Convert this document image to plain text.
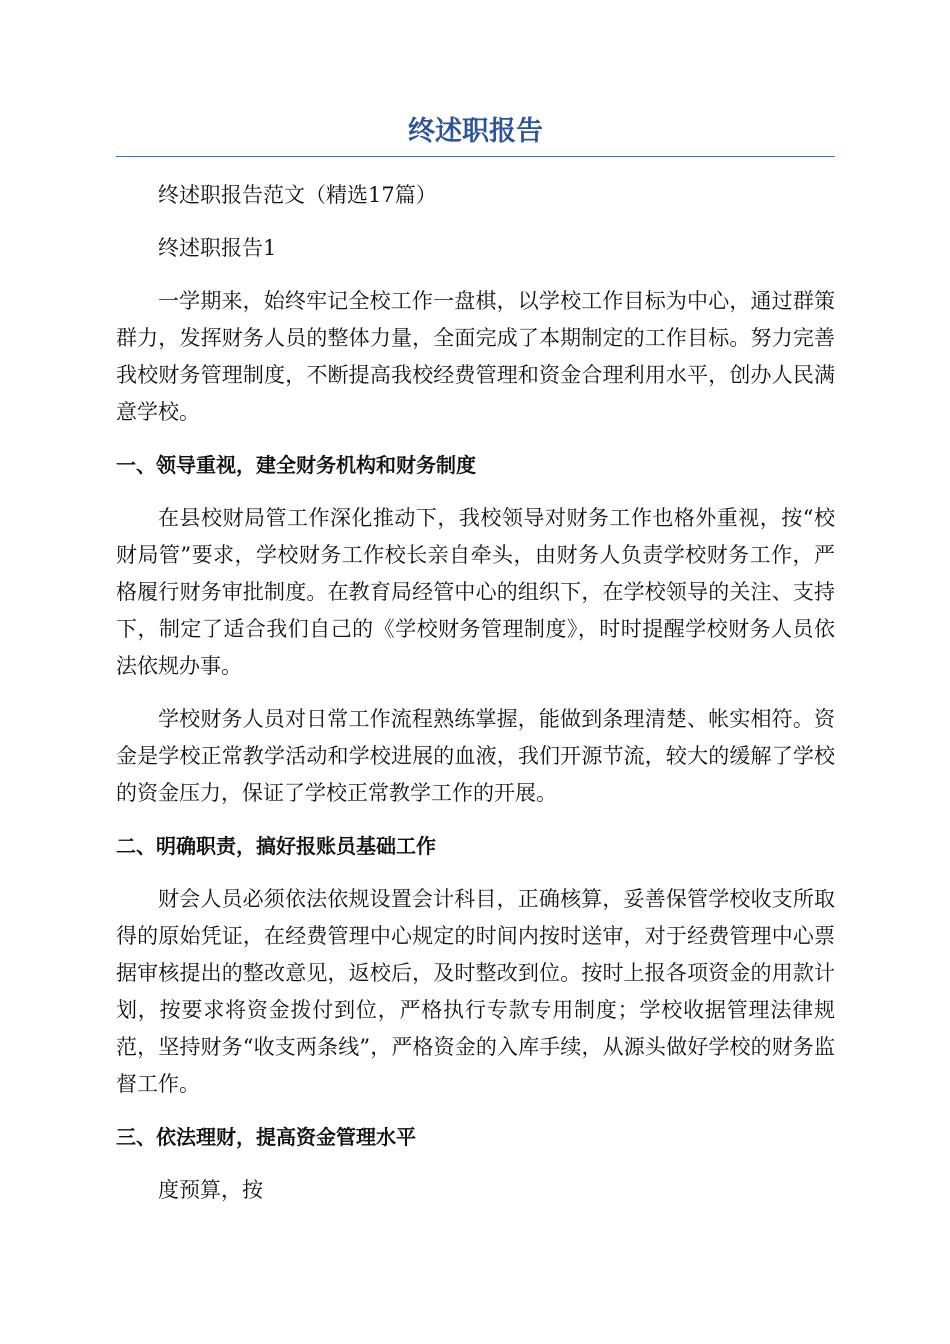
终述职报告

终述职报告范文（精选17篇）

终述职报告1

一学期来，始终牢记全校工作一盘棋，以学校工作目标为中心，通过群策群力，发挥财务人员的整体力量，全面完成了本期制定的工作目标。努力完善我校财务管理制度，不断提高我校经费管理和资金合理利用水平，创办人民满意学校。

一、领导重视，建全财务机构和财务制度

在县校财局管工作深化推动下，我校领导对财务工作也格外重视，按“校财局管”要求，学校财务工作校长亲自牵头，由财务人负责学校财务工作，严格履行财务审批制度。在教育局经管中心的组织下，在学校领导的关注、支持下，制定了适合我们自己的《学校财务管理制度》，时时提醒学校财务人员依法依规办事。

学校财务人员对日常工作流程熟练掌握，能做到条理清楚、帐实相符。资金是学校正常教学活动和学校进展的血液，我们开源节流，较大的缓解了学校的资金压力，保证了学校正常教学工作的开展。

二、明确职责，搞好报账员基础工作

财会人员必须依法依规设置会计科目，正确核算，妥善保管学校收支所取得的原始凭证，在经费管理中心规定的时间内按时送审，对于经费管理中心票据审核提出的整改意见，返校后，及时整改到位。按时上报各项资金的用款计划，按要求将资金拨付到位，严格执行专款专用制度；学校收据管理法律规范，坚持财务“收支两条线”，严格资金的入库手续，从源头做好学校的财务监督工作。

三、依法理财，提高资金管理水平

度预算，按
